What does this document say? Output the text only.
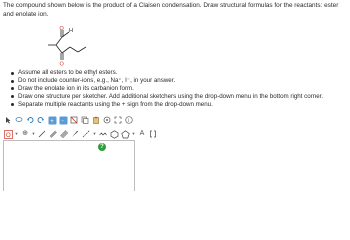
The compound shown below is the product of a Claisen condensation. Draw structural formulas for the reactants: ester and enolate ion.
O H
O
Assume all esters to be ethyl esters.
Do not include counter-ions, e.g., Na⁺, I⁻, in your answer.
Draw the enolate ion in its carbanion form.
Draw one structure per sketcher. Add additional sketchers using the drop-down menu in the bottom right corner.
Separate multiple reactants using the + sign from the drop-down menu.
+ -	i
O ▼ ⊕ ▼	▼	▼ A
?
